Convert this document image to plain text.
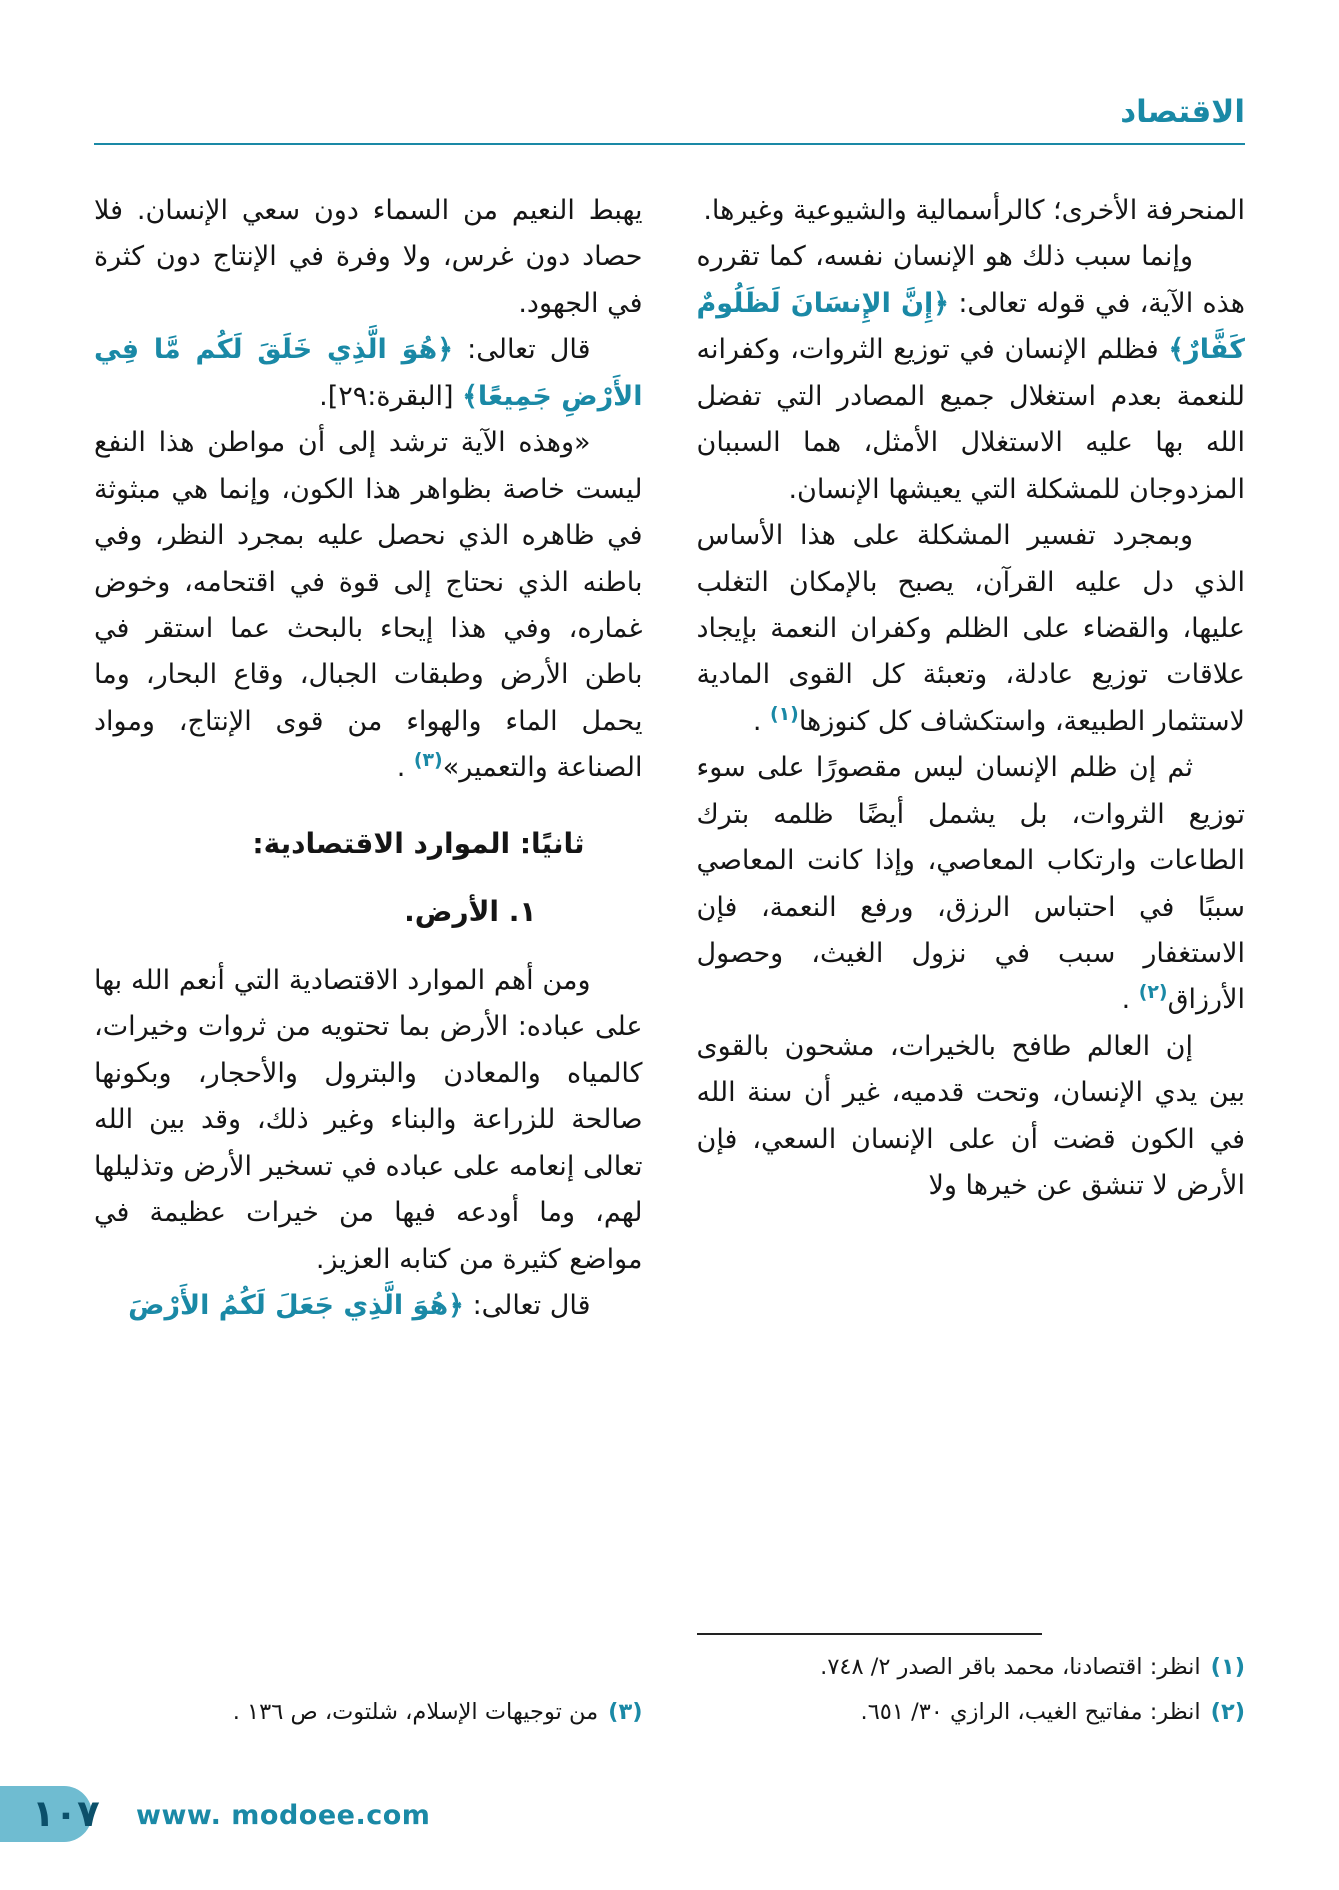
الاقتصاد

المنحرفة الأخرى؛ كالرأسمالية والشيوعية وغيرها.

وإنما سبب ذلك هو الإنسان نفسه، كما تقرره هذه الآية، في قوله تعالى: ﴿إِنَّ الإِنسَانَ لَظَلُومٌ كَفَّارٌ﴾ فظلم الإنسان في توزيع الثروات، وكفرانه للنعمة بعدم استغلال جميع المصادر التي تفضل الله بها عليه الاستغلال الأمثل، هما السببان المزدوجان للمشكلة التي يعيشها الإنسان.

وبمجرد تفسير المشكلة على هذا الأساس الذي دل عليه القرآن، يصبح بالإمكان التغلب عليها، والقضاء على الظلم وكفران النعمة بإيجاد علاقات توزيع عادلة، وتعبئة كل القوى المادية لاستثمار الطبيعة، واستكشاف كل كنوزها$^{(١)}$ .

ثم إن ظلم الإنسان ليس مقصورًا على سوء توزيع الثروات، بل يشمل أيضًا ظلمه بترك الطاعات وارتكاب المعاصي، وإذا كانت المعاصي سببًا في احتباس الرزق، ورفع النعمة، فإن الاستغفار سبب في نزول الغيث، وحصول الأرزاق$^{(٢)}$ .

إن العالم طافح بالخيرات، مشحون بالقوى بين يدي الإنسان، وتحت قدميه، غير أن سنة الله في الكون قضت أن على الإنسان السعي، فإن الأرض لا تنشق عن خيرها ولا

(١)
انظر: اقتصادنا، محمد باقر الصدر ٢/ ٧٤٨.
(٢)
انظر: مفاتيح الغيب، الرازي ٣٠/ ٦٥١.

يهبط النعيم من السماء دون سعي الإنسان. فلا حصاد دون غرس، ولا وفرة في الإنتاج دون كثرة في الجهود.

قال تعالى: ﴿هُوَ الَّذِي خَلَقَ لَكُم مَّا فِي الأَرْضِ جَمِيعًا﴾ [البقرة:٢٩].

«وهذه الآية ترشد إلى أن مواطن هذا النفع ليست خاصة بظواهر هذا الكون، وإنما هي مبثوثة في ظاهره الذي نحصل عليه بمجرد النظر، وفي باطنه الذي نحتاج إلى قوة في اقتحامه، وخوض غماره، وفي هذا إيحاء بالبحث عما استقر في باطن الأرض وطبقات الجبال، وقاع البحار، وما يحمل الماء والهواء من قوى الإنتاج، ومواد الصناعة والتعمير»$^{(٣)}$ .

ثانيًا: الموارد الاقتصادية:

١. الأرض.

ومن أهم الموارد الاقتصادية التي أنعم الله بها على عباده: الأرض بما تحتويه من ثروات وخيرات، كالمياه والمعادن والبترول والأحجار، وبكونها صالحة للزراعة والبناء وغير ذلك، وقد بين الله تعالى إنعامه على عباده في تسخير الأرض وتذليلها لهم، وما أودعه فيها من خيرات عظيمة في مواضع كثيرة من كتابه العزيز.

قال تعالى: ﴿هُوَ الَّذِي جَعَلَ لَكُمُ الأَرْضَ

(٣)
من توجيهات الإسلام، شلتوت، ص ١٣٦ .
١٠٧ www. modoee.com
